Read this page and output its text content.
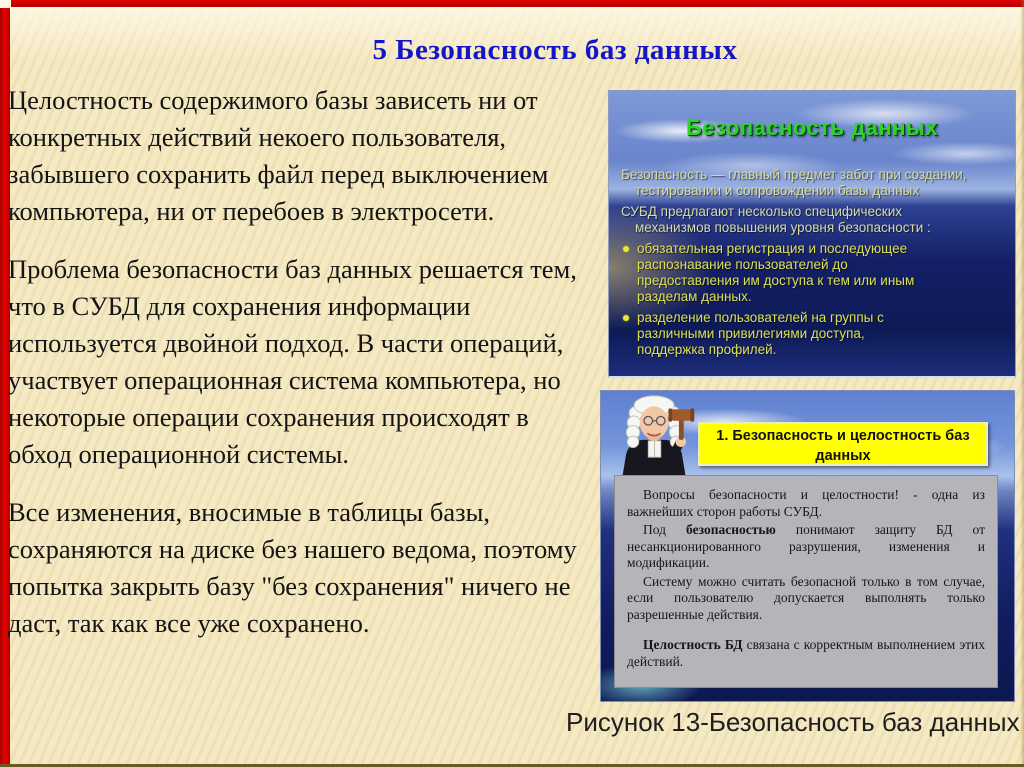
5 Безопасность баз данных

Целостность содержимого базы зависеть ни от конкретных действий некоего пользователя, забывшего сохранить файл перед выключением компьютера, ни от перебоев в электросети.

Проблема безопасности баз данных решается тем, что в СУБД для сохранения информации используется двойной подход. В части операций, участвует операционная система компьютера, но некоторые операции сохранения происходят в обход операционной системы.

Все изменения, вносимые в таблицы базы, сохраняются на диске без нашего ведома, поэтому попытка закрыть базу "без сохранения" ничего не даст, так как все уже сохранено.

Безопасность данных
Безопасность — главный предмет забот при создании,
тестировании и сопровождении базы данных
СУБД предлагают несколько специфических
механизмов повышения уровня безопасности :
обязательная регистрация и последующее
распознавание пользователей до
предоставления им доступа к тем или иным
разделам данных.
разделение пользователей на группы с
различными привилегиями доступа,
поддержка профилей.
1. Безопасность и целостность баз данных

Вопросы безопасности и целостности! - одна из важнейших сторон работы СУБД.

Под безопасностью понимают защиту БД от несанкционированного разрушения, изменения и модификации.

Систему можно считать безопасной только в том случае, если пользователю допускается выполнять только разрешенные действия.

Целостность БД связана с корректным выполнением этих действий.

Рисунок 13-Безопасность баз данных
